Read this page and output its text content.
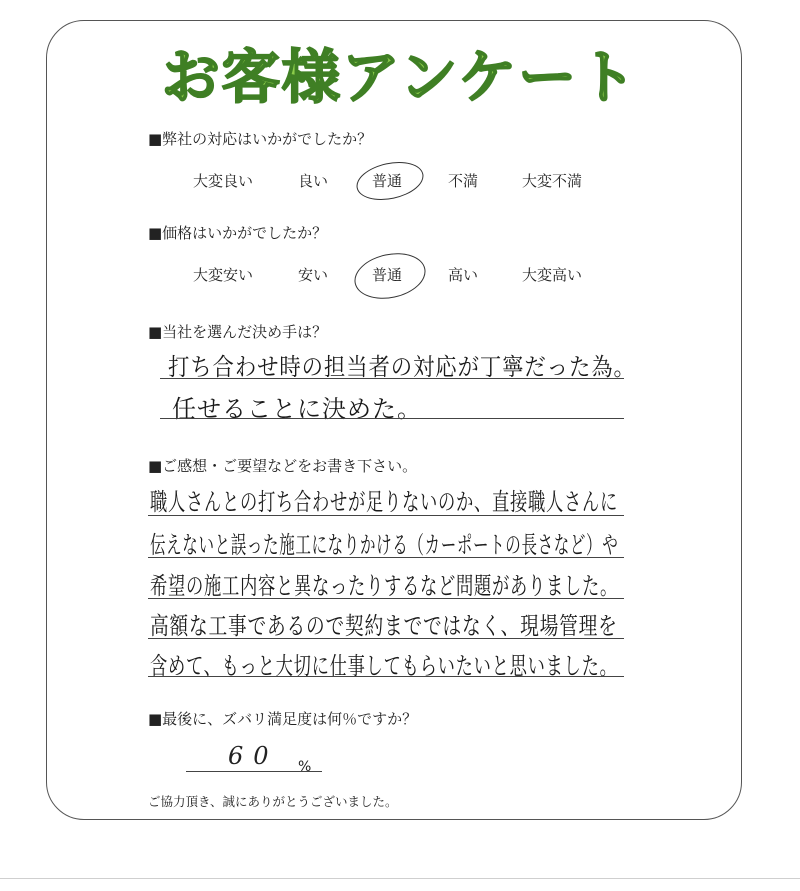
お客様アンケート
■弊社の対応はいかがでしたか？
大変良い	良い	普通	不満	大変不満
■価格はいかがでしたか？
大変安い	安い	普通	高い	大変高い
■当社を選んだ決め手は？
打ち合わせ時の担当者の対応が丁寧だった為。
任せることに決めた。
■ご感想・ご要望などをお書き下さい。
職人さんとの打ち合わせが足りないのか、直接職人さんに
伝えないと誤った施工になりかける（カーポートの長さなど）や
希望の施工内容と異なったりするなど問題がありました。
高額な工事であるので契約までではなく、現場管理を
含めて、もっと大切に仕事してもらいたいと思いました。
■最後に、ズバリ満足度は何％ですか？
60 %
ご協力頂き、誠にありがとうございました。
